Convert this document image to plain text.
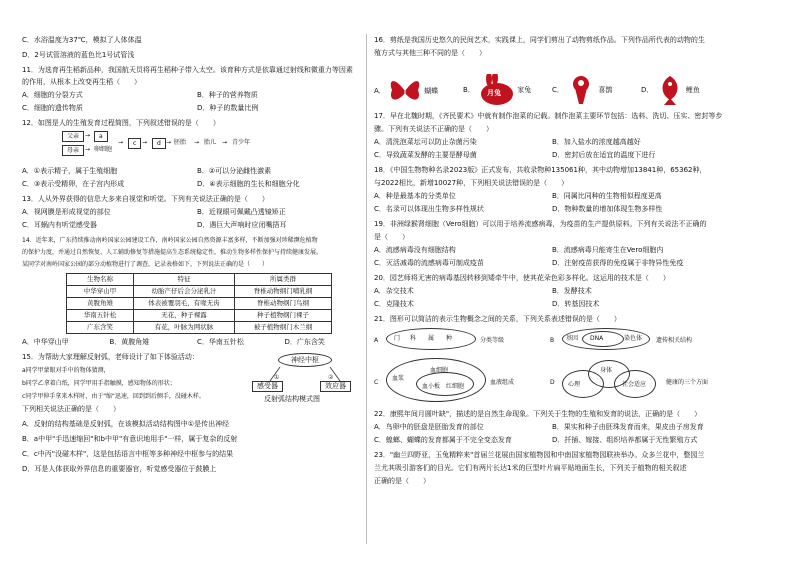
C．水浴温度为37℃，模拟了人体体温

D．2号试管溶液的蓝色比1号试管浅

11．为选育再生稻新品种，我国航天员将再生稻种子带入太空。该育种方式是依靠通过射线和微重力等因素

的作用，从根本上改变再生稻（　　）

A．细胞的分裂方式	B．种子的营养物质
C．细胞的遗传物质	D．种子的数量比例

12．如图是人的生殖发育过程简图，下列叙述错误的是（　　）

父亲 →	a
母亲 → 卵细胞
→	c →	d → 胚胎 → 胎儿 → 青少年
A．①表示精子，属于生殖细胞	B．②可以分泌雌性激素
C．③表示受精卵，在子宫内形成	D．④表示细胞的生长和细胞分化

13．人从外界获得的信息大多来自视觉和听觉。下列有关说法正确的是（　　）

A．视网膜是形成视觉的部位	B．近视眼可佩戴凸透镜矫正
C．耳蜗内有听觉感受器	D．遇巨大声响时应闭嘴捂耳

14．近年来，广东持续推动南岭国家公园建设工作，南岭国家公园自然资源丰富多样，不断加强对珍稀濒危植物

的保护力度，并通过自然恢复、人工辅助修复等措施提高生态系统稳定性，推动生物多样性保护与持续健康发展。

某同学对南岭国家公园的部分动植物进行了调查，记录表格如下，下列说法正确的是（　　）

生物名称	特征	所属类群
中华穿山甲	幼胎产仔后会分泌乳汁	脊椎动物纲门哺乳纲
黄腹角雉	体表被覆羽毛，有喙无齿	脊椎动物纲门鸟纲
华南五针松	无花，种子裸露	种子植物纲门裸子
广东含笑	有花，叶脉为网状脉	被子植物纲门木兰纲
A．中华穿山甲	B．黄腹角雉	C．华南五针松	D．广东含笑

15．为帮助大家理解反射弧，老师设计了如下体验活动：

a同学甲蒙眼对手中的物体猜测，

b同学乙拿着白纸，同学甲用手指触摸，感知物体的形状；

c同学甲伸手拿来木样时，由于"缩"迅速，回到到后侧手，没碰木样。

下列相关说法正确的是（　　）

神经中枢
①	②
感受器	效应器
反射弧结构模式图

A．反射的结构基础是反射弧，在该模拟活动结构图中①是传出神经

B．a中甲"手迅速缩回"和b中甲"有意识地用手"一样，属于复杂的反射

C．c中丙"没碰木样"，这是包括语言中枢等多种神经中枢参与的结果

D．耳是人体获取外界信息的重要器官，听觉感受器位于鼓膜上

16．剪纸是我国历史悠久的民间艺术，实践课上，同学们剪出了动物剪纸作品。下列作品所代表的动物的生

殖方式与其他三种不同的是（　　）

A．	蝴蝶	B． 月兔 家兔	C．	喜鹊	D．	鲤鱼

17．早在北魏时期，《齐民要术》中就有制作泡菜的记载。制作泡菜主要环节包括：选料、洗切、压实、密封等步

骤。下列有关说法不正确的是（　　）

A．清洗泡菜坛可以防止杂菌污染	B．加入盐水的浓度越高越好
C．导致蔬菜发酵的主要是酵母菌	D．密封后放在适宜的温度下进行

18．《中国生物物种名录2023版》正式发布，共收录物种135061种，其中动物增加13841种，65362种，

与2022相比，新增10027种，下列相关说法错误的是（　　）

A．种是最基本的分类单位	B．同属比同种的生物相似程度更高
C．名录可以体现出生物多样性规状	D．物种数量的增加体现生物多样性

19．非洲绿猴肾细胞（Vero细胞）可以用于培养流感病毒，为疫苗的生产提供原料。下列有关说法不正确的

是（　　）

A．流感病毒没有细胞结构	B．流感病毒只能寄生在Vero细胞内
C．灭活减毒的流感病毒可制成疫苗	D．注射疫苗获得的免疫属于非特异性免疫

20．园艺师将无害的病毒基因转移到矮牵牛中，使其花朵色彩多样化。这运用的技术是（　　）

A．杂交技术	B．发酵技术
C．克隆技术	D．转基因技术

21．图形可以简洁的表示生物概念之间的关系，下列关系表述错误的是（　　）

A	门 科 属 种	分类等级	B 基因 DNA	染色体 遗传相关结构
C
血浆
血细胞
血小板 红细胞
血液组成	D 心理
身体
社会适应	健康的三个方面

22．康熙年间月圆叶缺"，描述的是自然生命现象。下列关于生物的生殖和发育的说法，正确的是（　　）

A．鸟卵中的胚盘是胚胎发育的部位	B．果实和种子由胚珠发育而来，果皮由子房发育
C．蝗螂、蝴蝶的发育都属于不完全变态发育	D．扦插、嫁接、组织培养都属于无性繁殖方式

23．"幽兰四野亚，玉兔精粹来"首届兰花展由国家植物园和中南国家植物园联袂举办。众多兰花中，整园兰

兰尤其吸引游客们的目光。它们有两片长达1米的巨型叶片扁平贴地面生长，下列关于植物的相关叙述

正确的是（　　）
